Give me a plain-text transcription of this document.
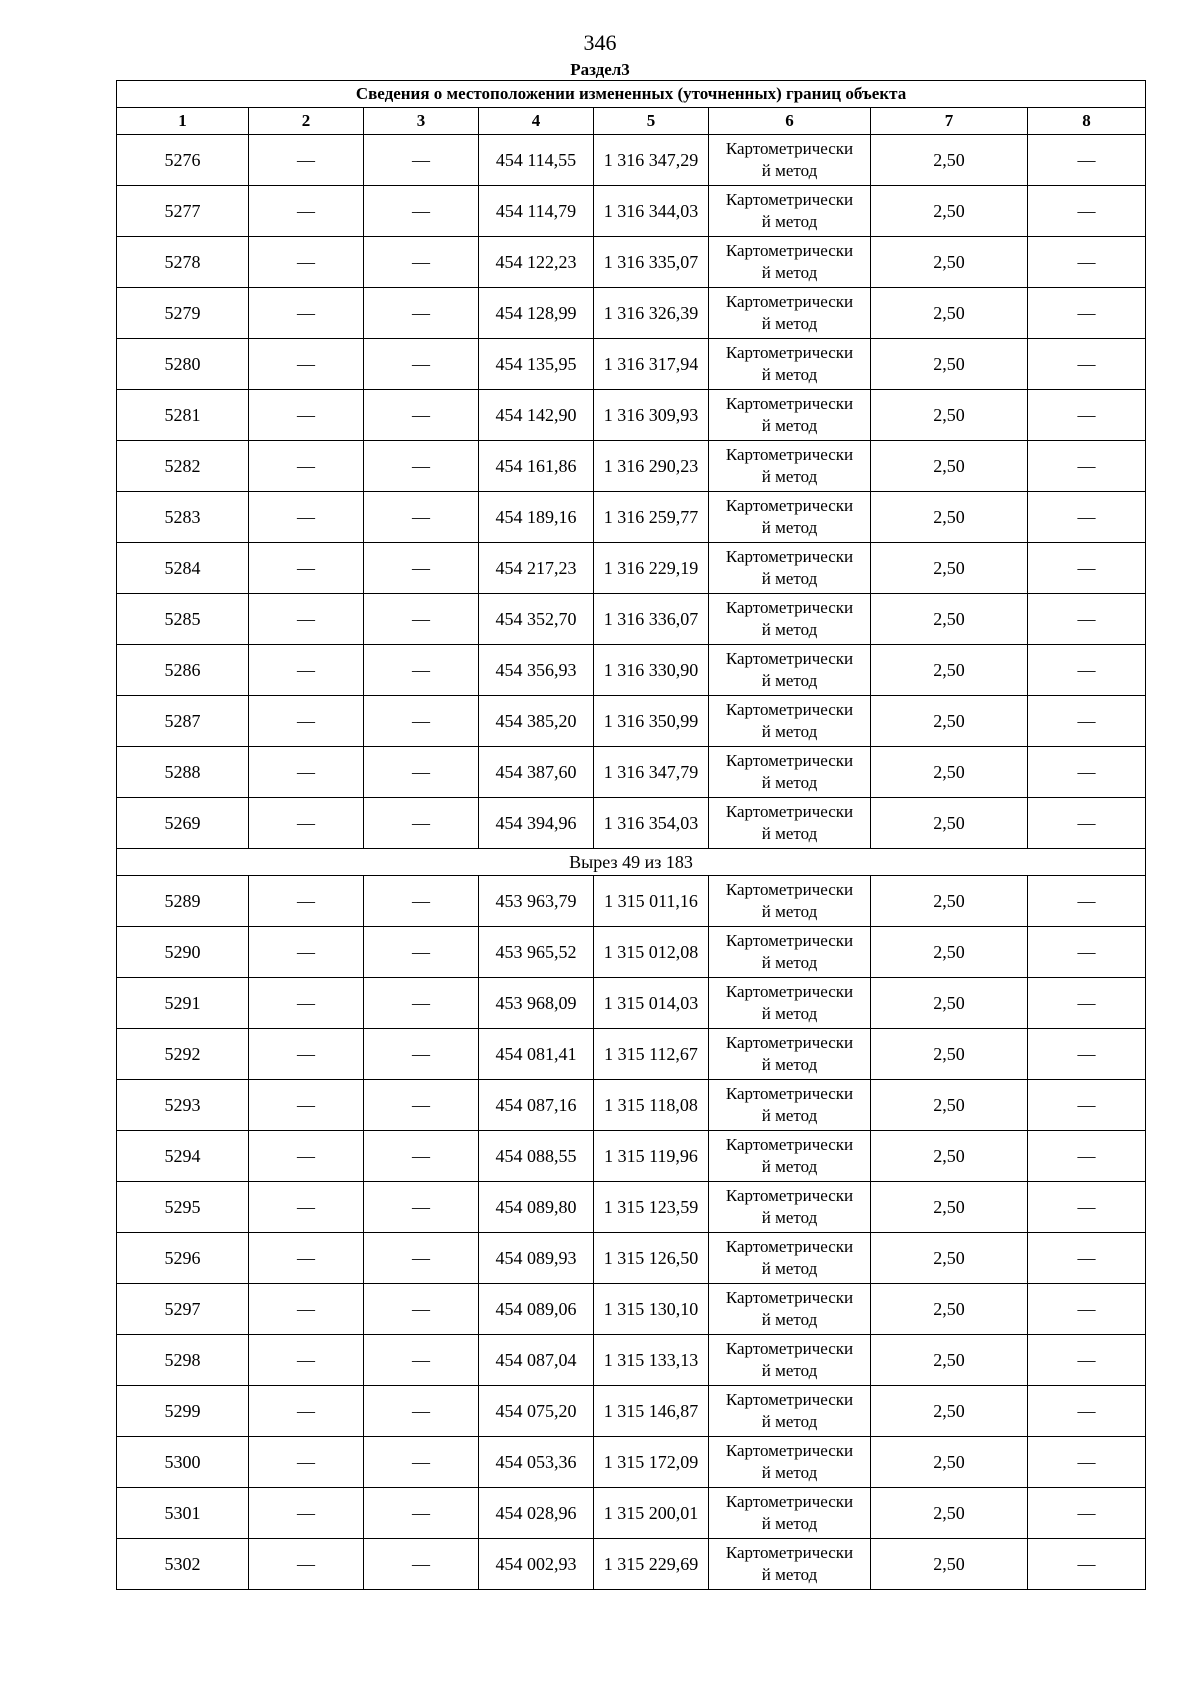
346
Раздел3
Сведения о местоположении измененных (уточненных) границ объекта							
1	2	3	4	5	6	7	8
5276	—	—	454 114,55	1 316 347,29	Картометрически
й метод	2,50	—
5277	—	—	454 114,79	1 316 344,03	Картометрически
й метод	2,50	—
5278	—	—	454 122,23	1 316 335,07	Картометрически
й метод	2,50	—
5279	—	—	454 128,99	1 316 326,39	Картометрически
й метод	2,50	—
5280	—	—	454 135,95	1 316 317,94	Картометрически
й метод	2,50	—
5281	—	—	454 142,90	1 316 309,93	Картометрически
й метод	2,50	—
5282	—	—	454 161,86	1 316 290,23	Картометрически
й метод	2,50	—
5283	—	—	454 189,16	1 316 259,77	Картометрически
й метод	2,50	—
5284	—	—	454 217,23	1 316 229,19	Картометрически
й метод	2,50	—
5285	—	—	454 352,70	1 316 336,07	Картометрически
й метод	2,50	—
5286	—	—	454 356,93	1 316 330,90	Картометрически
й метод	2,50	—
5287	—	—	454 385,20	1 316 350,99	Картометрически
й метод	2,50	—
5288	—	—	454 387,60	1 316 347,79	Картометрически
й метод	2,50	—
5269	—	—	454 394,96	1 316 354,03	Картометрически
й метод	2,50	—
Вырез 49 из 183							
5289	—	—	453 963,79	1 315 011,16	Картометрически
й метод	2,50	—
5290	—	—	453 965,52	1 315 012,08	Картометрически
й метод	2,50	—
5291	—	—	453 968,09	1 315 014,03	Картометрически
й метод	2,50	—
5292	—	—	454 081,41	1 315 112,67	Картометрически
й метод	2,50	—
5293	—	—	454 087,16	1 315 118,08	Картометрически
й метод	2,50	—
5294	—	—	454 088,55	1 315 119,96	Картометрически
й метод	2,50	—
5295	—	—	454 089,80	1 315 123,59	Картометрически
й метод	2,50	—
5296	—	—	454 089,93	1 315 126,50	Картометрически
й метод	2,50	—
5297	—	—	454 089,06	1 315 130,10	Картометрически
й метод	2,50	—
5298	—	—	454 087,04	1 315 133,13	Картометрически
й метод	2,50	—
5299	—	—	454 075,20	1 315 146,87	Картометрически
й метод	2,50	—
5300	—	—	454 053,36	1 315 172,09	Картометрически
й метод	2,50	—
5301	—	—	454 028,96	1 315 200,01	Картометрически
й метод	2,50	—
5302	—	—	454 002,93	1 315 229,69	Картометрически
й метод	2,50	—
